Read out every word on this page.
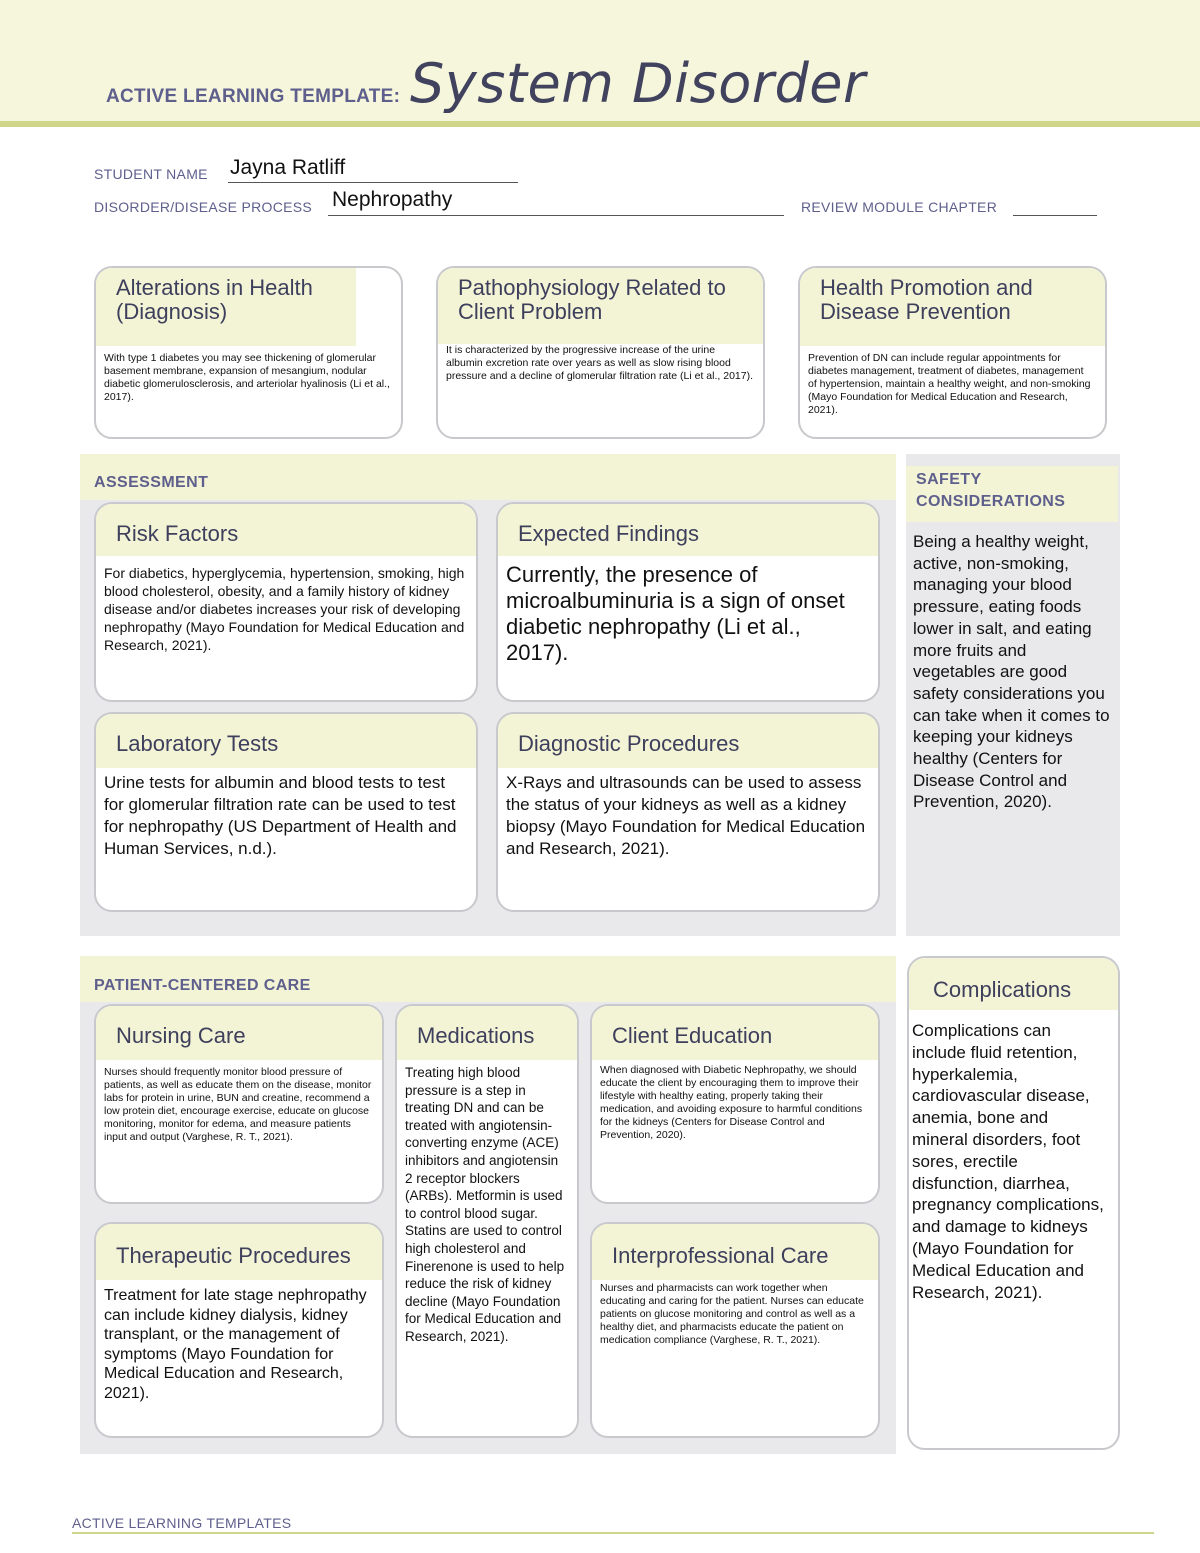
ACTIVE LEARNING TEMPLATE: System Disorder
STUDENT NAME Jayna Ratliff
DISORDER/DISEASE PROCESS Nephropathy	REVIEW MODULE CHAPTER
Alterations in Health (Diagnosis)
With type 1 diabetes you may see thickening of glomerular basement membrane, expansion of mesangium, nodular diabetic glomerulosclerosis, and arteriolar hyalinosis (Li et al., 2017).
Pathophysiology Related to Client Problem
It is characterized by the progressive increase of the urine albumin excretion rate over years as well as slow rising blood pressure and a decline of glomerular filtration rate (Li et al., 2017).
Health Promotion and Disease Prevention
Prevention of DN can include regular appointments for diabetes management, treatment of diabetes, management of hypertension, maintain a healthy weight, and non-smoking (Mayo Foundation for Medical Education and Research, 2021).
ASSESSMENT
Risk Factors
For diabetics, hyperglycemia, hypertension, smoking, high blood cholesterol, obesity, and a family history of kidney disease and/or diabetes increases your risk of developing nephropathy (Mayo Foundation for Medical Education and Research, 2021).
Expected Findings
Currently, the presence of microalbuminuria is a sign of onset diabetic nephropathy (Li et al., 2017).
Laboratory Tests
Urine tests for albumin and blood tests to test for glomerular filtration rate can be used to test for nephropathy (US Department of Health and Human Services, n.d.).
Diagnostic Procedures
X-Rays and ultrasounds can be used to assess the status of your kidneys as well as a kidney biopsy (Mayo Foundation for Medical Education and Research, 2021).
SAFETY CONSIDERATIONS
Being a healthy weight, active, non-smoking, managing your blood pressure, eating foods lower in salt, and eating more fruits and vegetables are good safety considerations you can take when it comes to keeping your kidneys healthy (Centers for Disease Control and Prevention, 2020).
PATIENT-CENTERED CARE
Nursing Care
Nurses should frequently monitor blood pressure of patients, as well as educate them on the disease, monitor labs for protein in urine, BUN and creatine, recommend a low protein diet, encourage exercise, educate on glucose monitoring, monitor for edema, and measure patients input and output (Varghese, R. T., 2021).
Medications
Treating high blood pressure is a step in treating DN and can be treated with angiotensin-converting enzyme (ACE) inhibitors and angiotensin 2 receptor blockers (ARBs). Metformin is used to control blood sugar. Statins are used to control high cholesterol and Finerenone is used to help reduce the risk of kidney decline (Mayo Foundation for Medical Education and Research, 2021).
Client Education
When diagnosed with Diabetic Nephropathy, we should educate the client by encouraging them to improve their lifestyle with healthy eating, properly taking their medication, and avoiding exposure to harmful conditions for the kidneys (Centers for Disease Control and Prevention, 2020).
Therapeutic Procedures
Treatment for late stage nephropathy can include kidney dialysis, kidney transplant, or the management of symptoms (Mayo Foundation for Medical Education and Research, 2021).
Interprofessional Care
Nurses and pharmacists can work together when educating and caring for the patient. Nurses can educate patients on glucose monitoring and control as well as a healthy diet, and pharmacists educate the patient on medication compliance (Varghese, R. T., 2021).
Complications
Complications can include fluid retention, hyperkalemia, cardiovascular disease, anemia, bone and mineral disorders, foot sores, erectile disfunction, diarrhea, pregnancy complications, and damage to kidneys (Mayo Foundation for Medical Education and Research, 2021).
ACTIVE LEARNING TEMPLATES
